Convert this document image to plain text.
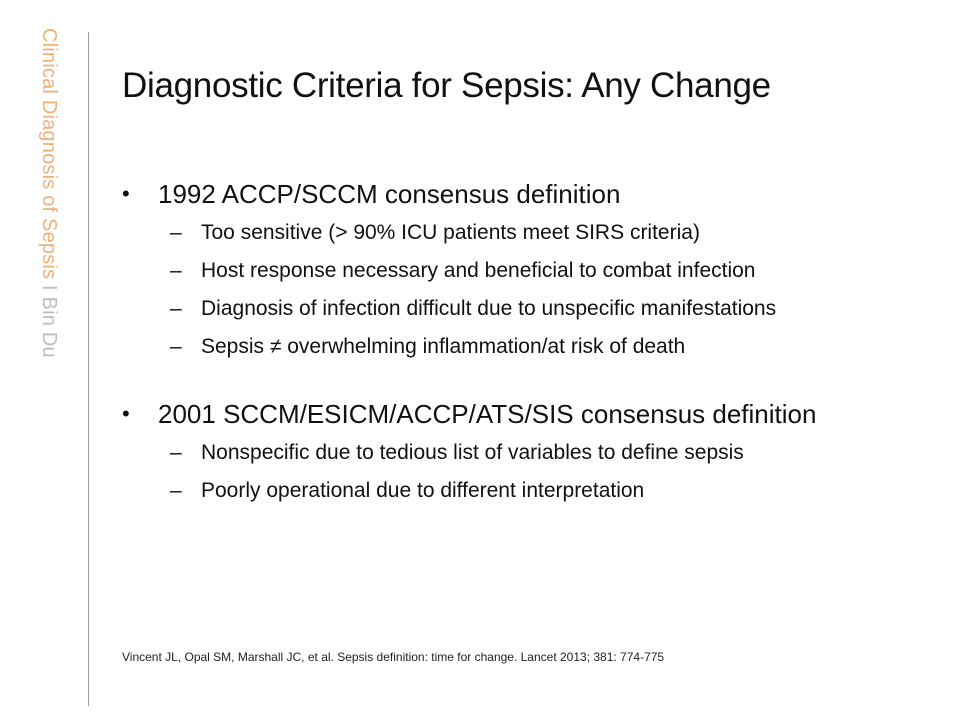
Clinical Diagnosis of Sepsis I Bin Du
Diagnostic Criteria for Sepsis: Any Change
• 1992 ACCP/SCCM consensus definition
– Too sensitive (> 90% ICU patients meet SIRS criteria)
– Host response necessary and beneficial to combat infection
– Diagnosis of infection difficult due to unspecific manifestations
– Sepsis ≠ overwhelming inflammation/at risk of death
• 2001 SCCM/ESICM/ACCP/ATS/SIS consensus definition
– Nonspecific due to tedious list of variables to define sepsis
– Poorly operational due to different interpretation
Vincent JL, Opal SM, Marshall JC, et al. Sepsis definition: time for change. Lancet 2013; 381: 774-775
